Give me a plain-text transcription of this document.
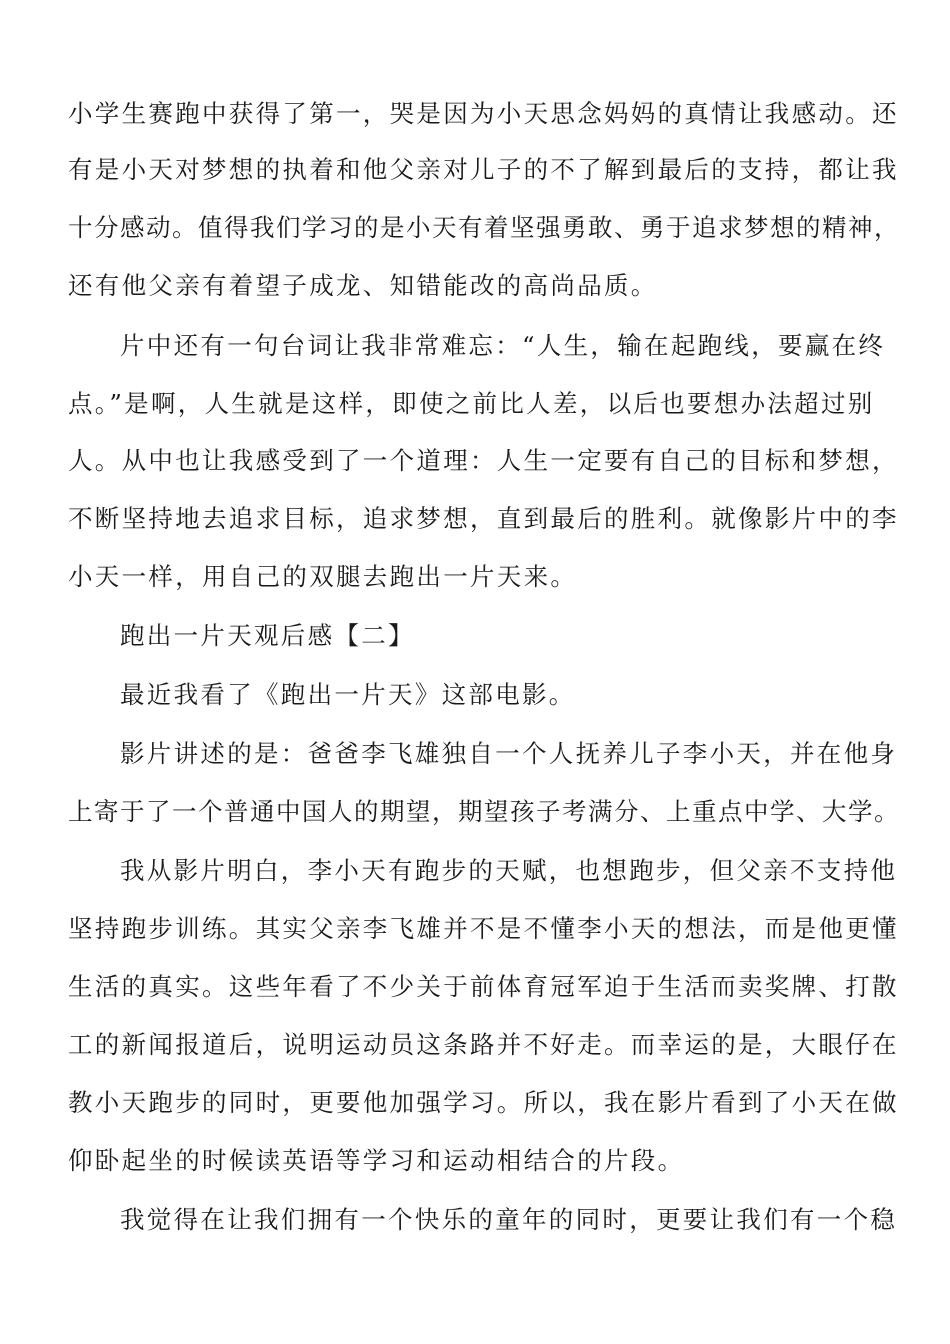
小学生赛跑中获得了第一，哭是因为小天思念妈妈的真情让我感动。还
有是小天对梦想的执着和他父亲对儿子的不了解到最后的支持，都让我
十分感动。值得我们学习的是小天有着坚强勇敢、勇于追求梦想的精神，
还有他父亲有着望子成龙、知错能改的高尚品质。
片中还有一句台词让我非常难忘：“人生，输在起跑线，要赢在终
点。”是啊，人生就是这样，即使之前比人差，以后也要想办法超过别
人。从中也让我感受到了一个道理：人生一定要有自己的目标和梦想，
不断坚持地去追求目标，追求梦想，直到最后的胜利。就像影片中的李
小天一样，用自己的双腿去跑出一片天来。
跑出一片天观后感【二】
最近我看了《跑出一片天》这部电影。
影片讲述的是：爸爸李飞雄独自一个人抚养儿子李小天，并在他身
上寄于了一个普通中国人的期望，期望孩子考满分、上重点中学、大学。
我从影片明白，李小天有跑步的天赋，也想跑步，但父亲不支持他
坚持跑步训练。其实父亲李飞雄并不是不懂李小天的想法，而是他更懂
生活的真实。这些年看了不少关于前体育冠军迫于生活而卖奖牌、打散
工的新闻报道后，说明运动员这条路并不好走。而幸运的是，大眼仔在
教小天跑步的同时，更要他加强学习。所以，我在影片看到了小天在做
仰卧起坐的时候读英语等学习和运动相结合的片段。
我觉得在让我们拥有一个快乐的童年的同时，更要让我们有一个稳
